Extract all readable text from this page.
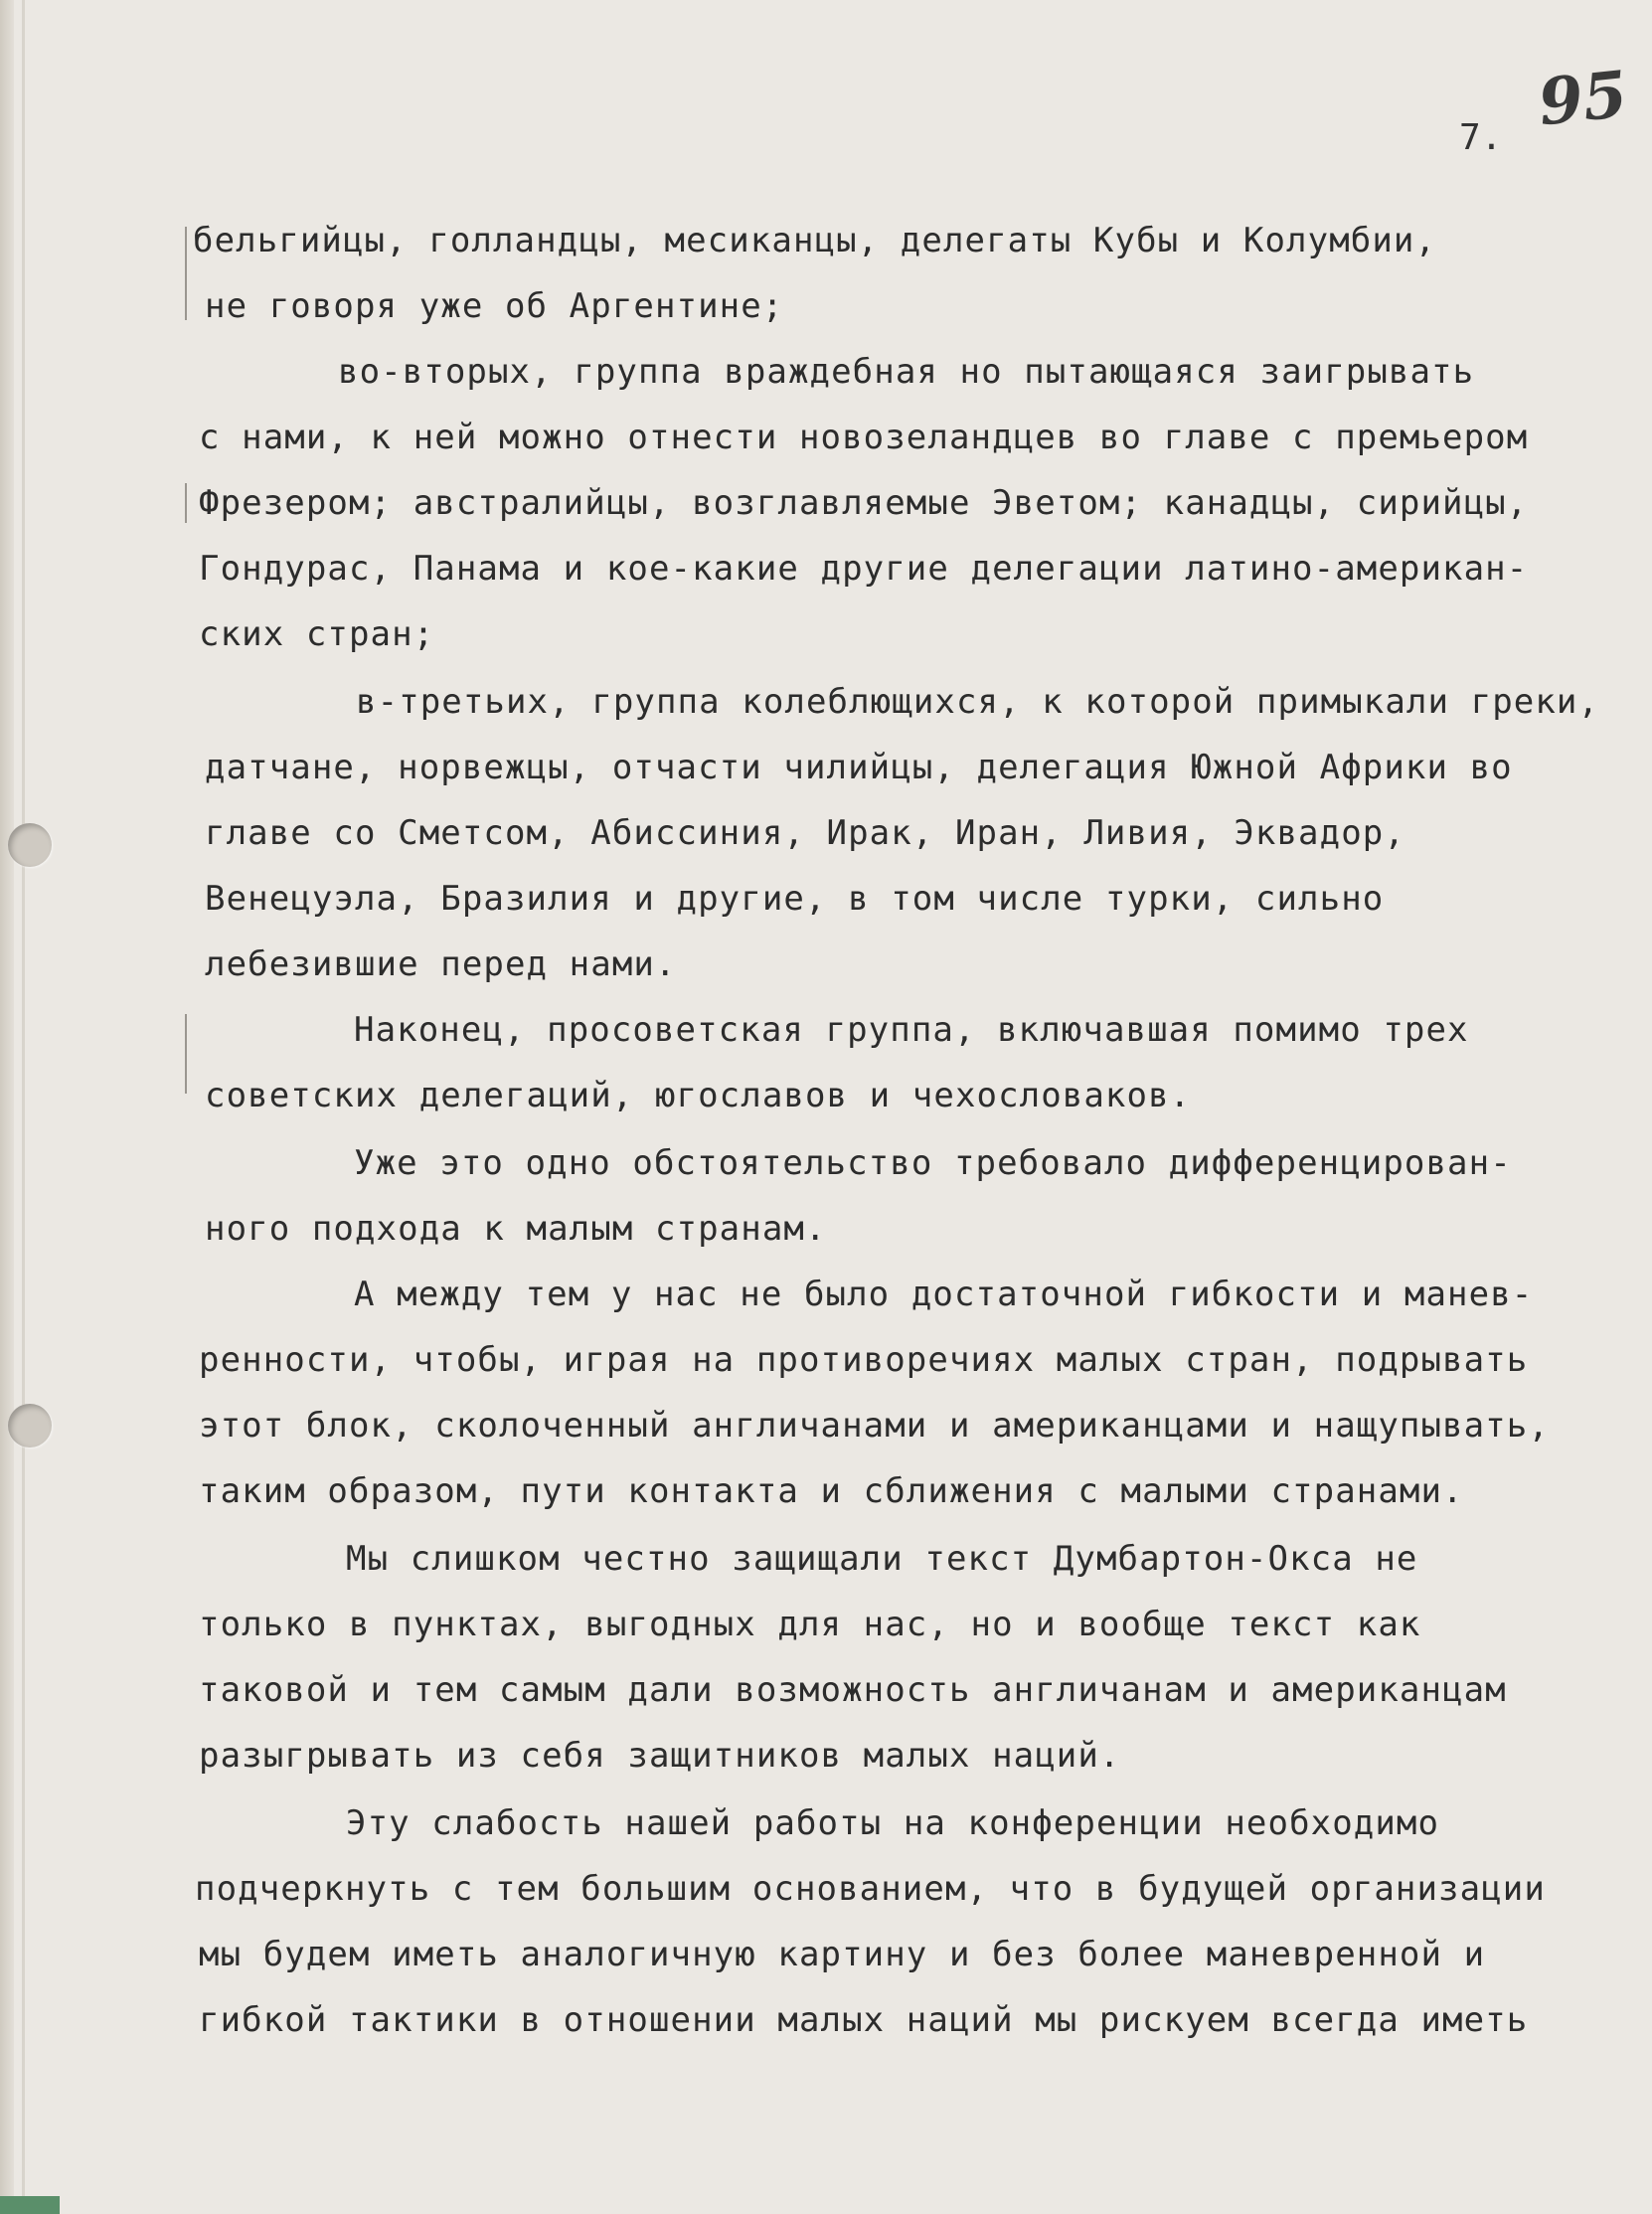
7. 95
бельгийцы, голландцы, месиканцы, делегаты Кубы и Колумбии,
не говоря уже об Аргентине;
во-вторых, группа враждебная но пытающаяся заигрывать
с нами, к ней можно отнести новозеландцев во главе с премьером
Фрезером; австралийцы, возглавляемые Эветом; канадцы, сирийцы,
Гондурас, Панама и кое-какие другие делегации латино-американ-
ских стран;
в-третьих, группа колеблющихся, к которой примыкали греки,
датчане, норвежцы, отчасти чилийцы, делегация Южной Африки во
главе со Сметсом, Абиссиния, Ирак, Иран, Ливия, Эквадор,
Венецуэла, Бразилия и другие, в том числе турки, сильно
лебезившие перед нами.
Наконец, просоветская группа, включавшая помимо трех
советских делегаций, югославов и чехословаков.
Уже это одно обстоятельство требовало дифференцирован-
ного подхода к малым странам.
А между тем у нас не было достаточной гибкости и манев-
ренности, чтобы, играя на противоречиях малых стран, подрывать
этот блок, сколоченный англичанами и американцами и нащупывать,
таким образом, пути контакта и сближения с малыми странами.
Мы слишком честно защищали текст Думбартон-Окса не
только в пунктах, выгодных для нас, но и вообще текст как
таковой и тем самым дали возможность англичанам и американцам
разыгрывать из себя защитников малых наций.
Эту слабость нашей работы на конференции необходимо
подчеркнуть с тем большим основанием, что в будущей организации
мы будем иметь аналогичную картину и без более маневренной и
гибкой тактики в отношении малых наций мы рискуем всегда иметь
